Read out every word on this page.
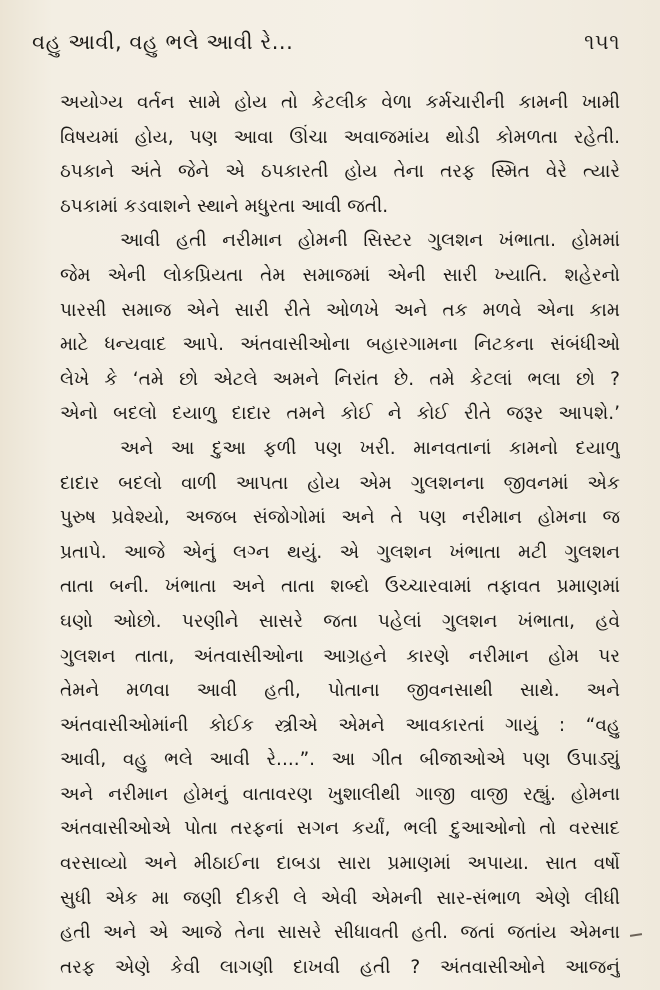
વહુ આવી, વહુ ભલે આવી રે...	૧૫૧
અયોગ્ય વર્તન સામે હોય તો કેટલીક વેળા કર્મચારીની કામની ખામી
વિષયમાં હોય, પણ આવા ઊંચા અવાજમાંય થોડી કોમળતા રહેતી.
ઠપકાને અંતે જેને એ ઠપકારતી હોય તેના તરફ સ્મિત વેરે ત્યારે
ઠપકામાં કડવાશને સ્થાને મધુરતા આવી જતી.
આવી હતી નરીમાન હોમની સિસ્ટર ગુલશન ખંભાતા. હોમમાં
જેમ એની લોકપ્રિયતા તેમ સમાજમાં એની સારી ખ્યાતિ. શહેરનો
પારસી સમાજ એને સારી રીતે ઓળખે અને તક મળવે એના કામ
માટે ધન્યવાદ આપે. અંતવાસીઓના બહારગામના નિટકના સંબંધીઓ
લેખે કે ‘તમે છો એટલે અમને નિરાંત છે. તમે કેટલાં ભલા છો ?
એનો બદલો દયાળુ દાદાર તમને કોઈ ને કોઈ રીતે જરૂર આપશે.’
અને આ દુઆ ફળી પણ ખરી. માનવતાનાં કામનો દયાળુ
દાદાર બદલો વાળી આપતા હોય એમ ગુલશનના જીવનમાં એક
પુરુષ પ્રવેશ્યો, અજબ સંજોગોમાં અને તે પણ નરીમાન હોમના જ
પ્રતાપે. આજે એનું લગ્ન થયું. એ ગુલશન ખંભાતા મટી ગુલશન
તાતા બની. ખંભાતા અને તાતા શબ્દો ઉચ્ચારવામાં તફાવત પ્રમાણમાં
ઘણો ઓછો. પરણીને સાસરે જતા પહેલાં ગુલશન ખંભાતા, હવે
ગુલશન તાતા, અંતવાસીઓના આગ્રહને કારણે નરીમાન હોમ પર
તેમને મળવા આવી હતી, પોતાના જીવનસાથી સાથે. અને
અંતવાસીઓમાંની કોઈક સ્ત્રીએ એમને આવકારતાં ગાયું : “વહુ
આવી, વહુ ભલે આવી રે....”. આ ગીત બીજાઓએ પણ ઉપાડ્યું
અને નરીમાન હોમનું વાતાવરણ ખુશાલીથી ગાજી વાજી રહ્યું. હોમના
અંતવાસીઓએ પોતા તરફનાં સગન કર્યાં, ભલી દુઆઓનો તો વરસાદ
વરસાવ્યો અને મીઠાઈના દાબડા સારા પ્રમાણમાં અપાયા. સાત વર્ષો
સુધી એક મા જણી દીકરી લે એવી એમની સાર-સંભાળ એણે લીધી
હતી અને એ આજે તેના સાસરે સીધાવતી હતી. જતાં જતાંય એમના
તરફ એણે કેવી લાગણી દાખવી હતી ? અંતવાસીઓને આજનું
